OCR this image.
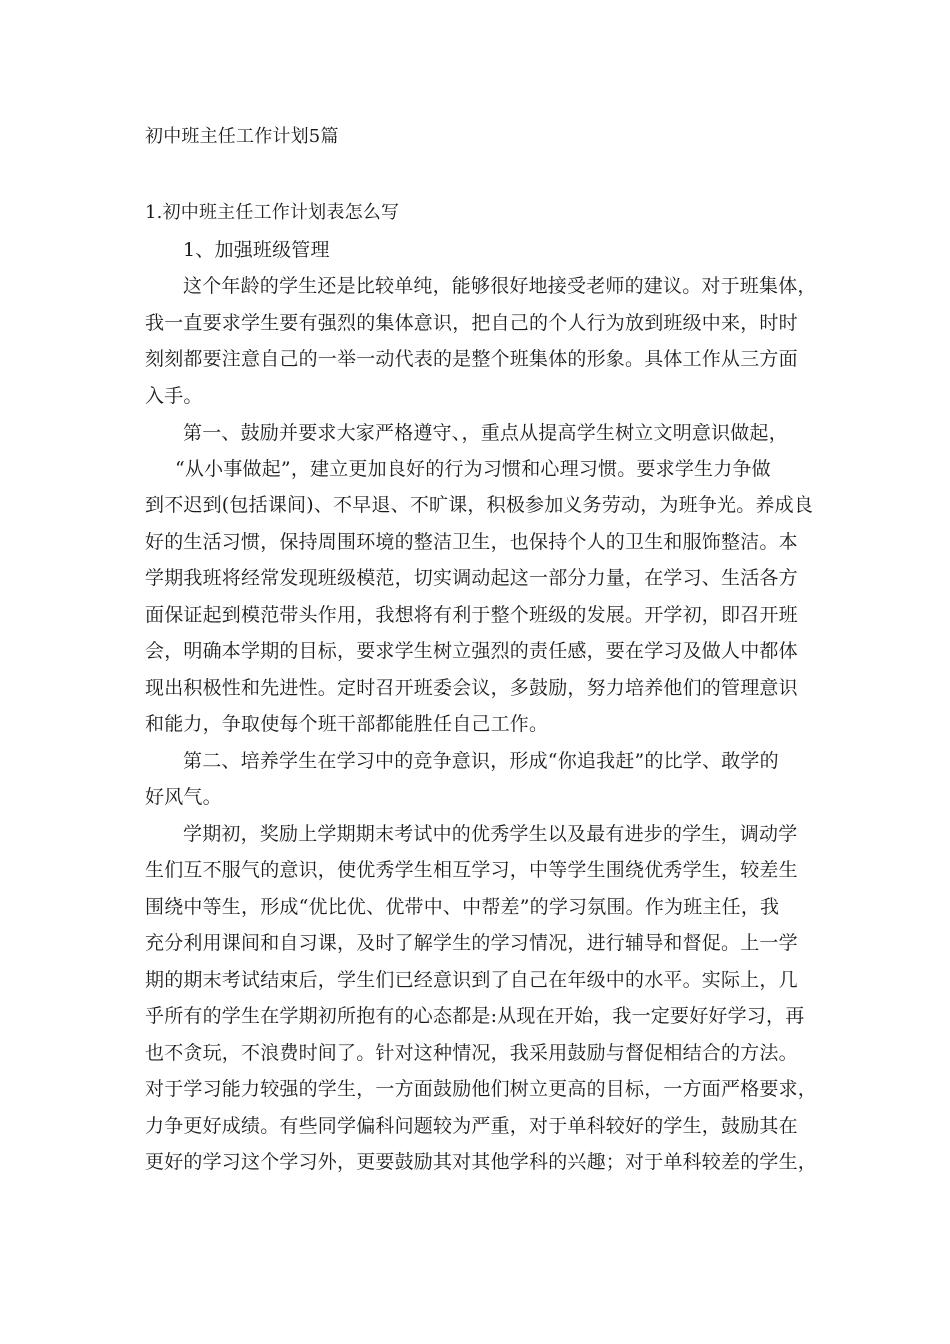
初中班主任工作计划5篇

1.初中班主任工作计划表怎么写

1、加强班级管理

这个年龄的学生还是比较单纯，能够很好地接受老师的建议。对于班集体，

我一直要求学生要有强烈的集体意识，把自己的个人行为放到班级中来，时时

刻刻都要注意自己的一举一动代表的是整个班集体的形象。具体工作从三方面

入手。

第一、鼓励并要求大家严格遵守、，重点从提高学生树立文明意识做起，

“从小事做起”，建立更加良好的行为习惯和心理习惯。要求学生力争做

到不迟到(包括课间)、不早退、不旷课，积极参加义务劳动，为班争光。养成良

好的生活习惯，保持周围环境的整洁卫生，也保持个人的卫生和服饰整洁。本

学期我班将经常发现班级模范，切实调动起这一部分力量，在学习、生活各方

面保证起到模范带头作用，我想将有利于整个班级的发展。开学初，即召开班

会，明确本学期的目标，要求学生树立强烈的责任感，要在学习及做人中都体

现出积极性和先进性。定时召开班委会议，多鼓励，努力培养他们的管理意识

和能力，争取使每个班干部都能胜任自己工作。

第二、培养学生在学习中的竞争意识，形成“你追我赶”的比学、敢学的

好风气。

学期初，奖励上学期期末考试中的优秀学生以及最有进步的学生，调动学

生们互不服气的意识，使优秀学生相互学习，中等学生围绕优秀学生，较差生

围绕中等生，形成“优比优、优带中、中帮差”的学习氛围。作为班主任，我

充分利用课间和自习课，及时了解学生的学习情况，进行辅导和督促。上一学

期的期末考试结束后，学生们已经意识到了自己在年级中的水平。实际上，几

乎所有的学生在学期初所抱有的心态都是:从现在开始，我一定要好好学习，再

也不贪玩，不浪费时间了。针对这种情况，我采用鼓励与督促相结合的方法。

对于学习能力较强的学生，一方面鼓励他们树立更高的目标，一方面严格要求，

力争更好成绩。有些同学偏科问题较为严重，对于单科较好的学生，鼓励其在

更好的学习这个学习外，更要鼓励其对其他学科的兴趣；对于单科较差的学生，
